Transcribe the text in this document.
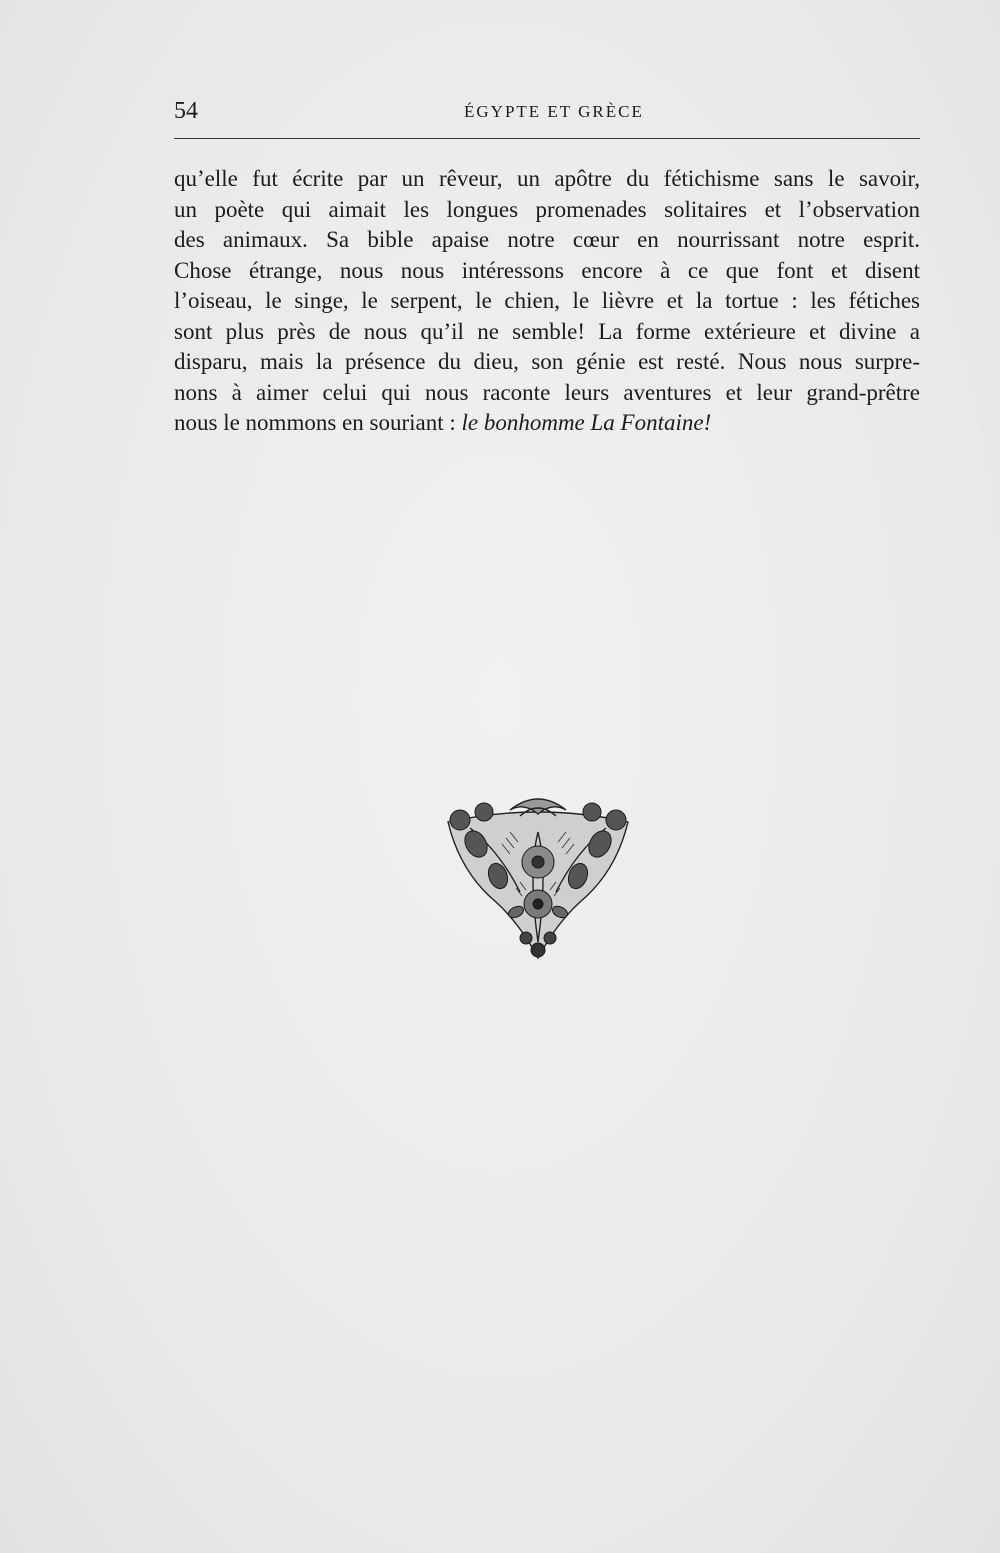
54	ÉGYPTE ET GRÈCE

qu’elle fut écrite par un rêveur, un apôtre du fétichisme sans le savoir,
un poète qui aimait les longues promenades solitaires et l’observation
des animaux. Sa bible apaise notre cœur en nourrissant notre esprit.
Chose étrange, nous nous intéressons encore à ce que font et disent
l’oiseau, le singe, le serpent, le chien, le lièvre et la tortue : les fétiches
sont plus près de nous qu’il ne semble! La forme extérieure et divine a
disparu, mais la présence du dieu, son génie est resté. Nous nous surpre-
nons à aimer celui qui nous raconte leurs aventures et leur grand-prêtre
nous le nommons en souriant : le bonhomme La Fontaine!
